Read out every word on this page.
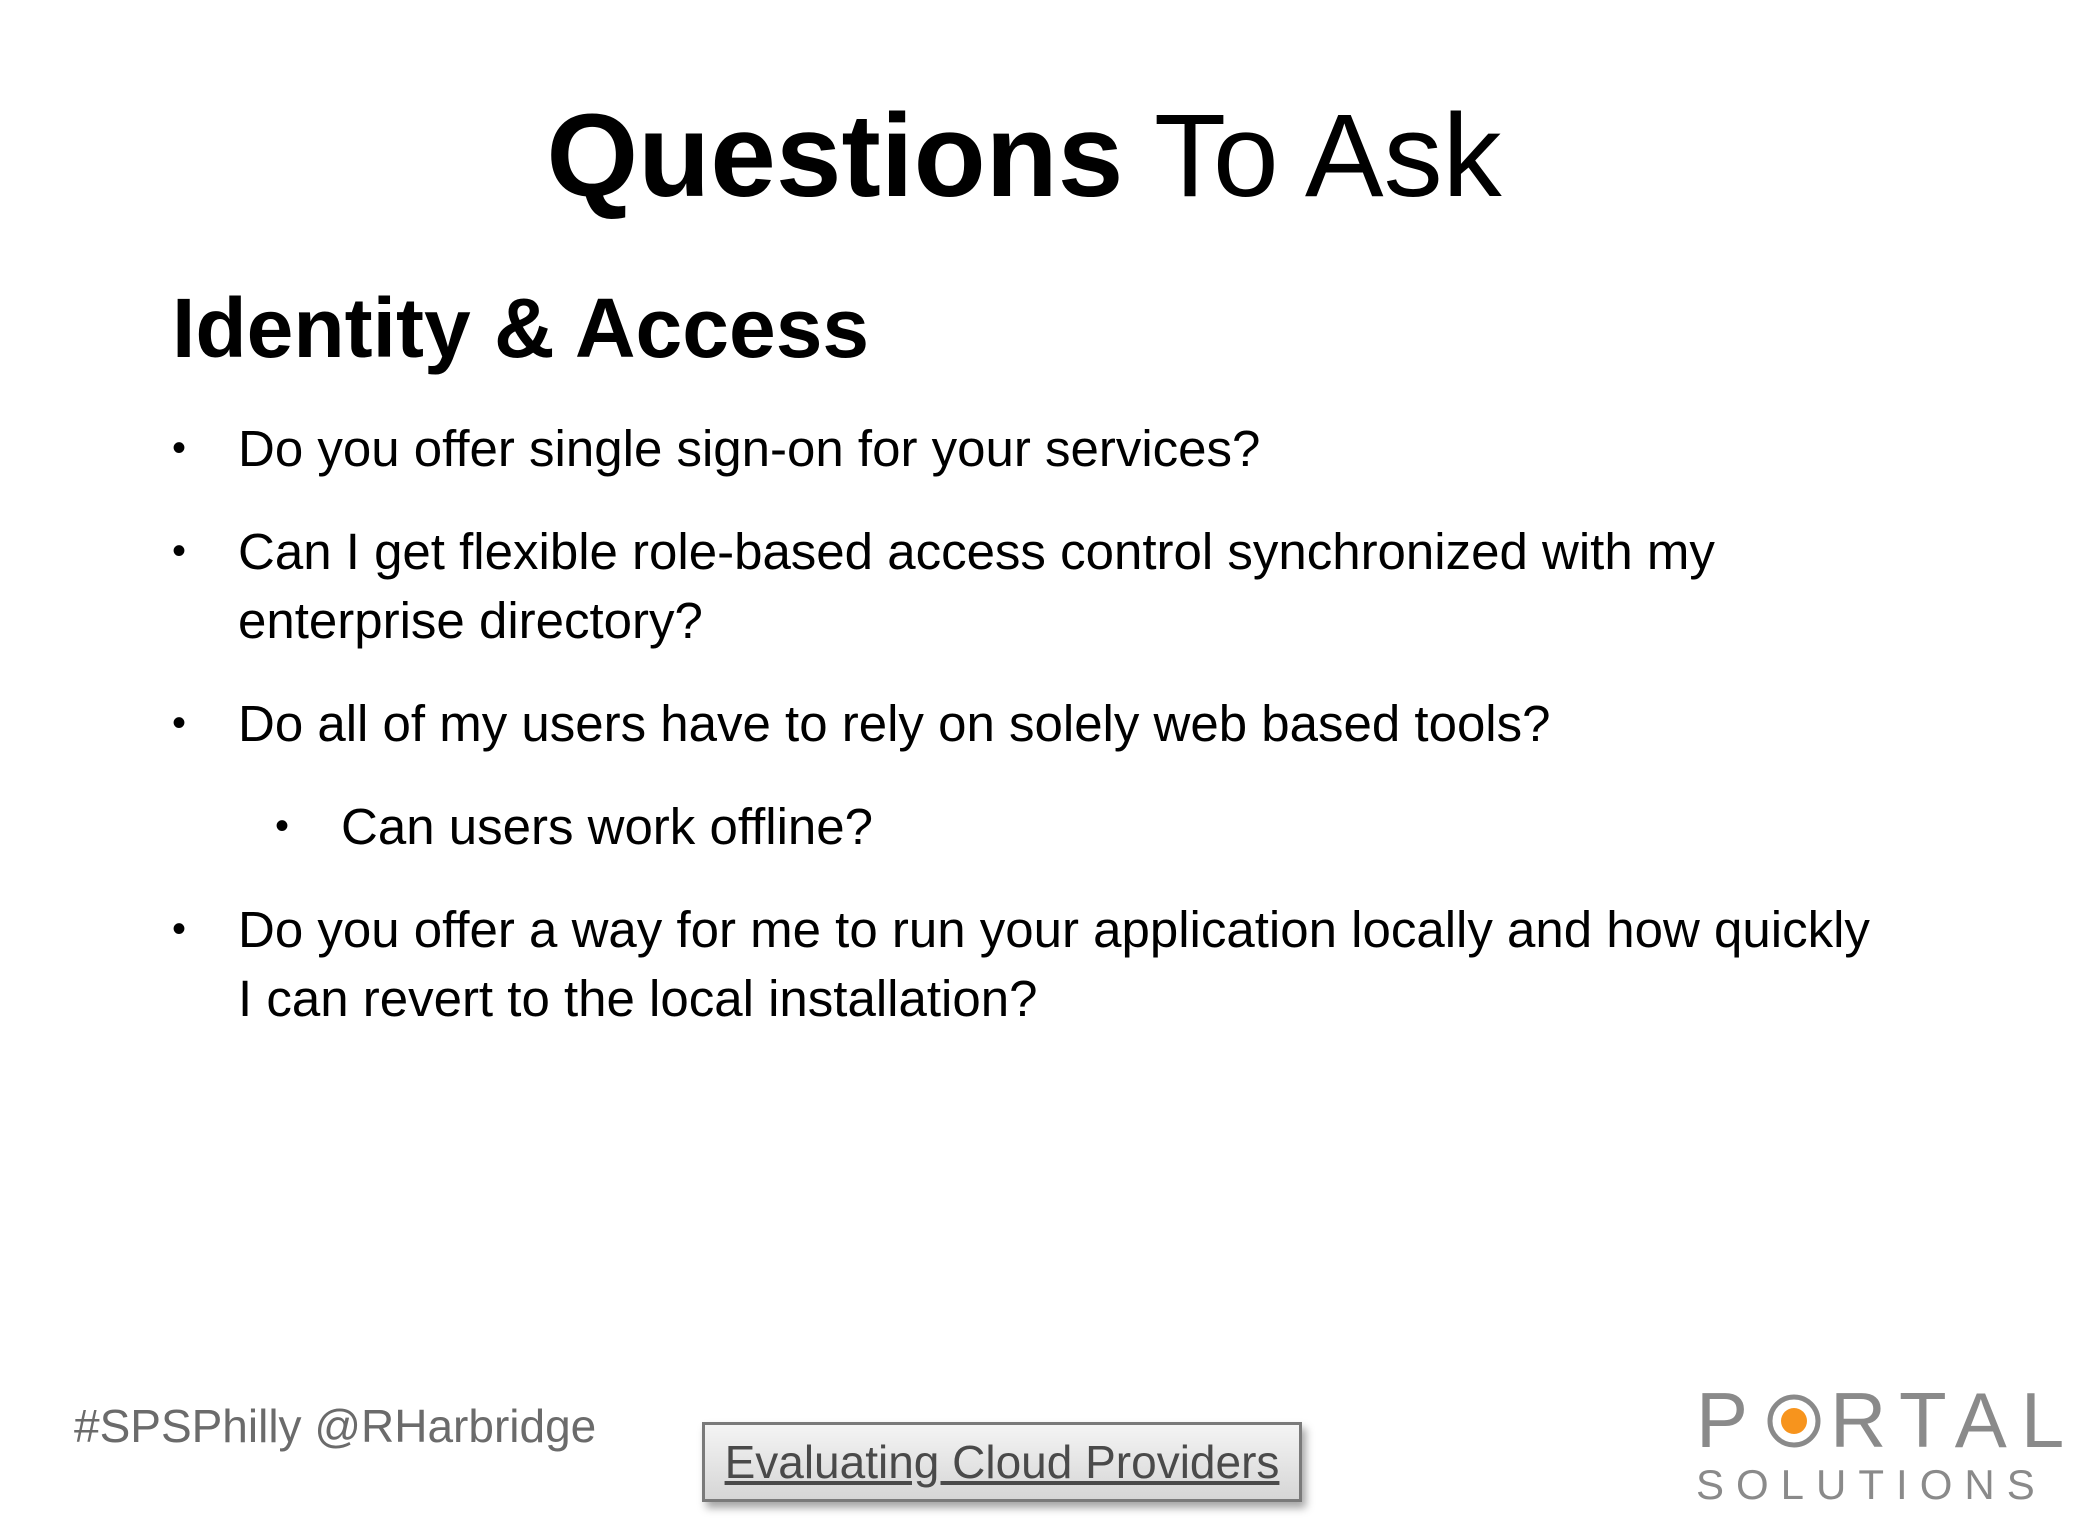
Questions To Ask
Identity & Access
•	Do you offer single sign-on for your services?
•	Can I get flexible role-based access control synchronized with my enterprise directory?
•	Do all of my users have to rely on solely web based tools?
•	Can users work offline?
•	Do you offer a way for me to run your application locally and how quickly I can revert to the local installation?
#SPSPhilly @RHarbridge
Evaluating Cloud Providers	P RTAL
SOLUTIONS
